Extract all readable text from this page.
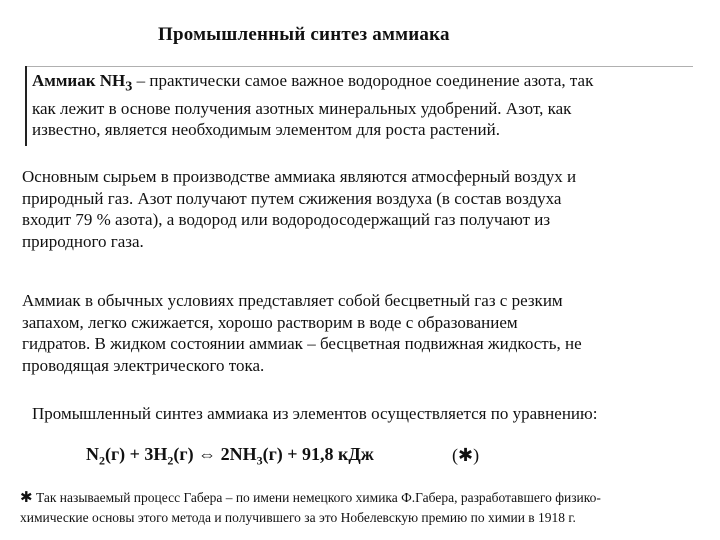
Промышленный синтез аммиака
Аммиак $NH_3$ – практически самое важное водородное соединение азота, так
как лежит в основе получения азотных минеральных удобрений. Азот, как
известно, является необходимым элементом для роста растений.
Основным сырьем в производстве аммиака являются атмосферный воздух и
природный газ. Азот получают путем сжижения воздуха (в состав воздуха
входит 79 % азота), а водород или водородосодержащий газ получают из
природного газа.
Аммиак в обычных условиях представляет собой бесцветный газ с резким
запахом, легко сжижается, хорошо растворим в воде с образованием
гидратов. В жидком состоянии аммиак – бесцветная подвижная жидкость, не
проводящая электрического тока.
Промышленный синтез аммиака из элементов осуществляется по уравнению:
$N_2(г) + 3H_2(г)$ ⇔ $2NH_3(г) + 91,8$ кДж	(✱)
✱ Так называемый процесс Габера – по имени немецкого химика Ф.Габера, разработавшего физико-
химические основы этого метода и получившего за это Нобелевскую премию по химии в 1918 г.
